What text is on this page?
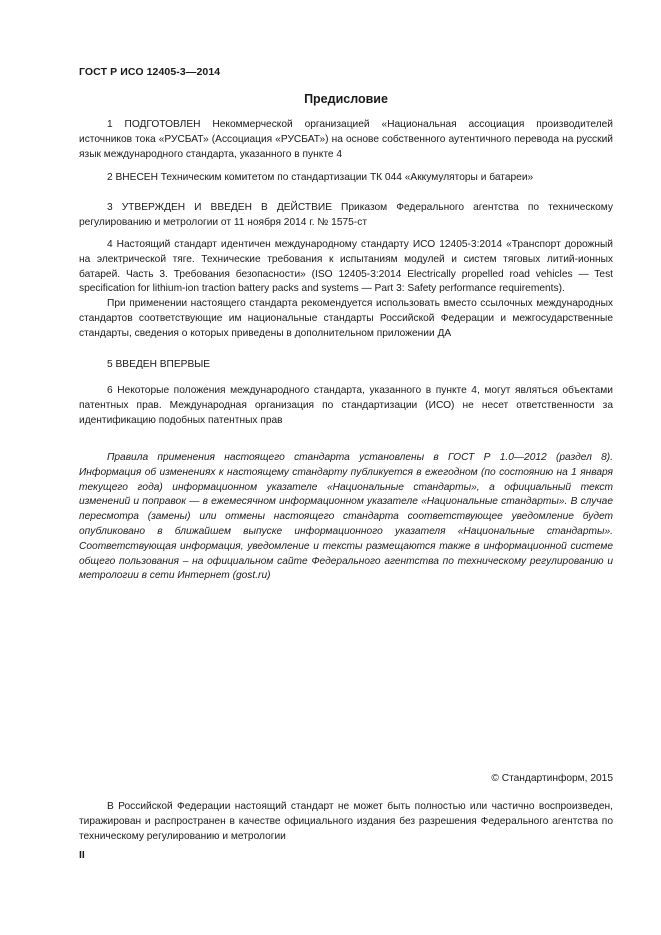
ГОСТ Р ИСО 12405-3—2014
Предисловие

1 ПОДГОТОВЛЕН Некоммерческой организацией «Национальная ассоциация производителей источников тока «РУСБАТ» (Ассоциация «РУСБАТ») на основе собственного аутентичного перевода на русский язык международного стандарта, указанного в пункте 4

2 ВНЕСЕН Техническим комитетом по стандартизации ТК 044 «Аккумуляторы и батареи»

3 УТВЕРЖДЕН И ВВЕДЕН В ДЕЙСТВИЕ Приказом Федерального агентства по техническому регулированию и метрологии от 11 ноября 2014 г. № 1575-ст

4 Настоящий стандарт идентичен международному стандарту ИСО 12405-3:2014 «Транспорт дорожный на электрической тяге. Технические требования к испытаниям модулей и систем тяговых литий-ионных батарей. Часть 3. Требования безопасности» (ISO 12405-3:2014 Electrically propelled road vehicles — Test specification for lithium-ion traction battery packs and systems — Part 3: Safety performance requirements).

При применении настоящего стандарта рекомендуется использовать вместо ссылочных международных стандартов соответствующие им национальные стандарты Российской Федерации и межгосударственные стандарты, сведения о которых приведены в дополнительном приложении ДА

5 ВВЕДЕН ВПЕРВЫЕ

6 Некоторые положения международного стандарта, указанного в пункте 4, могут являться объектами патентных прав. Международная организация по стандартизации (ИСО) не несет ответственности за идентификацию подобных патентных прав

Правила применения настоящего стандарта установлены в ГОСТ Р 1.0—2012 (раздел 8). Информация об изменениях к настоящему стандарту публикуется в ежегодном (по состоянию на 1 января текущего года) информационном указателе «Национальные стандарты», а официальный текст изменений и поправок — в ежемесячном информационном указателе «Национальные стандарты». В случае пересмотра (замены) или отмены настоящего стандарта соответствующее уведомление будет опубликовано в ближайшем выпуске информационного указателя «Национальные стандарты». Соответствующая информация, уведомление и тексты размещаются также в информационной системе общего пользования – на официальном сайте Федерального агентства по техническому регулированию и метрологии в сети Интернет (gost.ru)

© Стандартинформ, 2015

В Российской Федерации настоящий стандарт не может быть полностью или частично воспроизведен, тиражирован и распространен в качестве официального издания без разрешения Федерального агентства по техническому регулированию и метрологии

II
